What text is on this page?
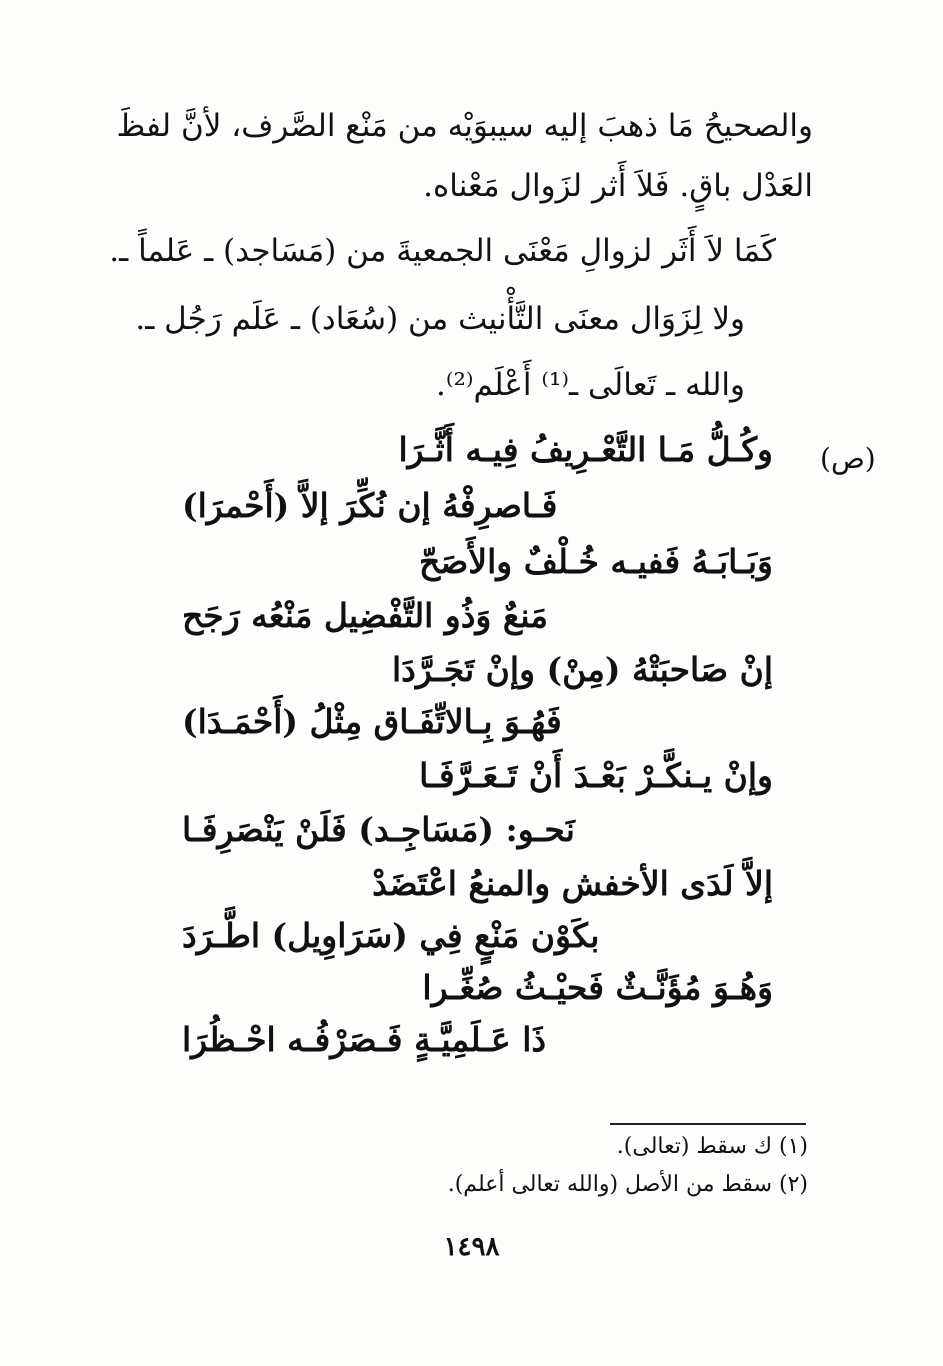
والصحيحُ مَا ذهبَ إليه سيبوَيْه من مَنْع الصَّرف، لأنَّ لفظَ
العَدْل باقٍ. فَلاَ أَثر لزَوال مَعْناه.
كَمَا لاَ أَثَر لزوالِ مَعْنَى الجمعيةَ من (مَسَاجد) ـ عَلماً ـ.
ولا لِزَوَال معنَى التَّأْنيث من (سُعَاد) ـ عَلَم رَجُل ـ.
والله ـ تَعالَى ـ⁽¹⁾ أَعْلَم⁽²⁾.
(ص)
وكُـلُّ مَـا التَّعْـرِيفُ فِيـه أَثَّـرَا
فَـاصرِفْهُ إن نُكِّرَ إلاَّ (أَحْمرَا)
وَبَـابَـهُ فَفيـه خُـلْفٌ والأَصَحّ
مَنعٌ وَذُو التَّفْضِيل مَنْعُه رَجَح
إنْ صَاحبَتْهُ (مِنْ) وإنْ تَجَـرَّدَا
فَهُـوَ بِـالاتِّفَـاق مِثْلُ (أَحْمَـدَا)
وإنْ يـنكَّـرْ بَعْـدَ أَنْ تَـعَـرَّفَـا
نَحـو: (مَسَاجِـد) فَلَنْ يَنْصَرِفَـا
إلاَّ لَدَى الأخفش والمنعُ اعْتَضَدْ
بكَوْن مَنْعٍ فِي (سَرَاوِيل) اطَّـرَدَ
وَهُـوَ مُؤَنَّـثٌ فَحيْـثُ صُغِّـرا
ذَا عَـلَمِيَّـةٍ فَـصَرْفُـه احْـظُرَا
(١) ك سقط (تعالى).
(٢) سقط من الأصل (والله تعالى أعلم).
١٤٩٨
